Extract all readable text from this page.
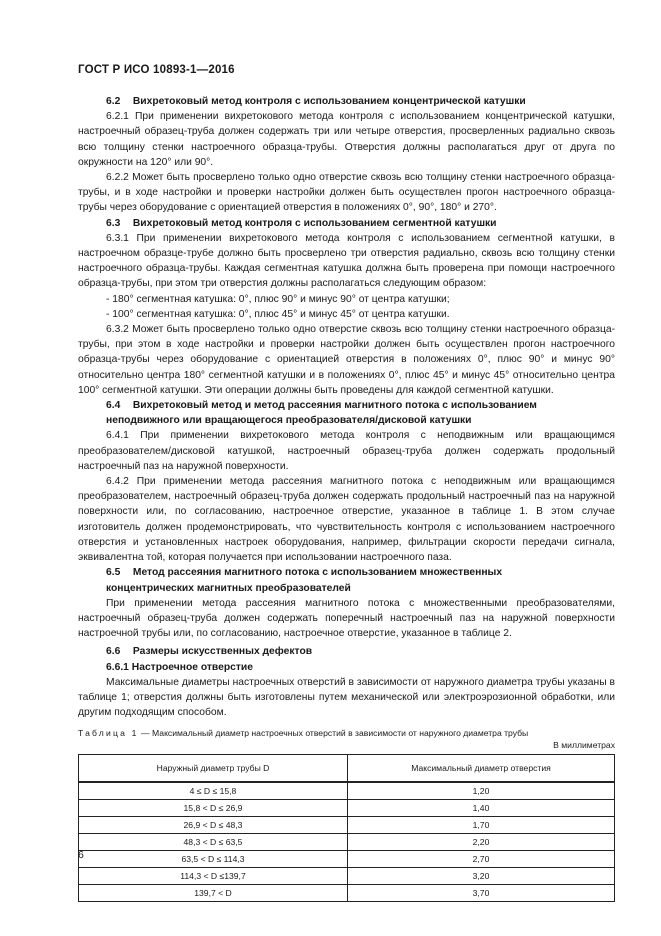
ГОСТ Р ИСО 10893-1—2016

6.2 Вихретоковый метод контроля с использованием концентрической катушки

6.2.1 При применении вихретокового метода контроля с использованием концентрической катушки, настроечный образец-труба должен содержать три или четыре отверстия, просверленных радиально сквозь всю толщину стенки настроечного образца-трубы. Отверстия должны располагаться друг от друга по окружности на 120° или 90°.

6.2.2 Может быть просверлено только одно отверстие сквозь всю толщину стенки настроечного образца-трубы, и в ходе настройки и проверки настройки должен быть осуществлен прогон настроечного образца-трубы через оборудование с ориентацией отверстия в положениях 0°, 90°, 180° и 270°.

6.3 Вихретоковый метод контроля с использованием сегментной катушки

6.3.1 При применении вихретокового метода контроля с использованием сегментной катушки, в настроечном образце-трубе должно быть просверлено три отверстия радиально, сквозь всю толщину стенки настроечного образца-трубы. Каждая сегментная катушка должна быть проверена при помощи настроечного образца-трубы, при этом три отверстия должны располагаться следующим образом:

- 180° сегментная катушка: 0°, плюс 90° и минус 90° от центра катушки;

- 100° сегментная катушка: 0°, плюс 45° и минус 45° от центра катушки.

6.3.2 Может быть просверлено только одно отверстие сквозь всю толщину стенки настроечного образца-трубы, при этом в ходе настройки и проверки настройки должен быть осуществлен прогон настроечного образца-трубы через оборудование с ориентацией отверстия в положениях 0°, плюс 90° и минус 90° относительно центра 180° сегментной катушки и в положениях 0°, плюс 45° и минус 45° относительно центра 100° сегментной катушки. Эти операции должны быть проведены для каждой сегментной катушки.

6.4 Вихретоковый метод и метод рассеяния магнитного потока с использованием

неподвижного или вращающегося преобразователя/дисковой катушки

6.4.1 При применении вихретокового метода контроля с неподвижным или вращающимся преобразователем/дисковой катушкой, настроечный образец-труба должен содержать продольный настроечный паз на наружной поверхности.

6.4.2 При применении метода рассеяния магнитного потока с неподвижным или вращающимся преобразователем, настроечный образец-труба должен содержать продольный настроечный паз на наружной поверхности или, по согласованию, настроечное отверстие, указанное в таблице 1. В этом случае изготовитель должен продемонстрировать, что чувствительность контроля с использованием настроечного отверстия и установленных настроек оборудования, например, фильтрации скорости передачи сигнала, эквивалентна той, которая получается при использовании настроечного паза.

6.5 Метод рассеяния магнитного потока с использованием множественных

концентрических магнитных преобразователей

При применении метода рассеяния магнитного потока с множественными преобразователями, настроечный образец-труба должен содержать поперечный настроечный паз на наружной поверхности настроечной трубы или, по согласованию, настроечное отверстие, указанное в таблице 2.

6.6 Размеры искусственных дефектов

6.6.1 Настроечное отверстие

Максимальные диаметры настроечных отверстий в зависимости от наружного диаметра трубы указаны в таблице 1; отверстия должны быть изготовлены путем механической или электроэрозионной обработки, или другим подходящим способом.

Таблица 1 — Максимальный диаметр настроечных отверстий в зависимости от наружного диаметра трубы
В миллиметрах
Наружный диаметр трубы D	Максимальный диаметр отверстия
4 ≤ D ≤ 15,8	1,20
15,8 < D ≤ 26,9	1,40
26,9 < D ≤ 48,3	1,70
48,3 < D ≤ 63,5	2,20
63,5 < D ≤ 114,3	2,70
114,3 < D ≤139,7	3,20
139,7 < D	3,70
6
